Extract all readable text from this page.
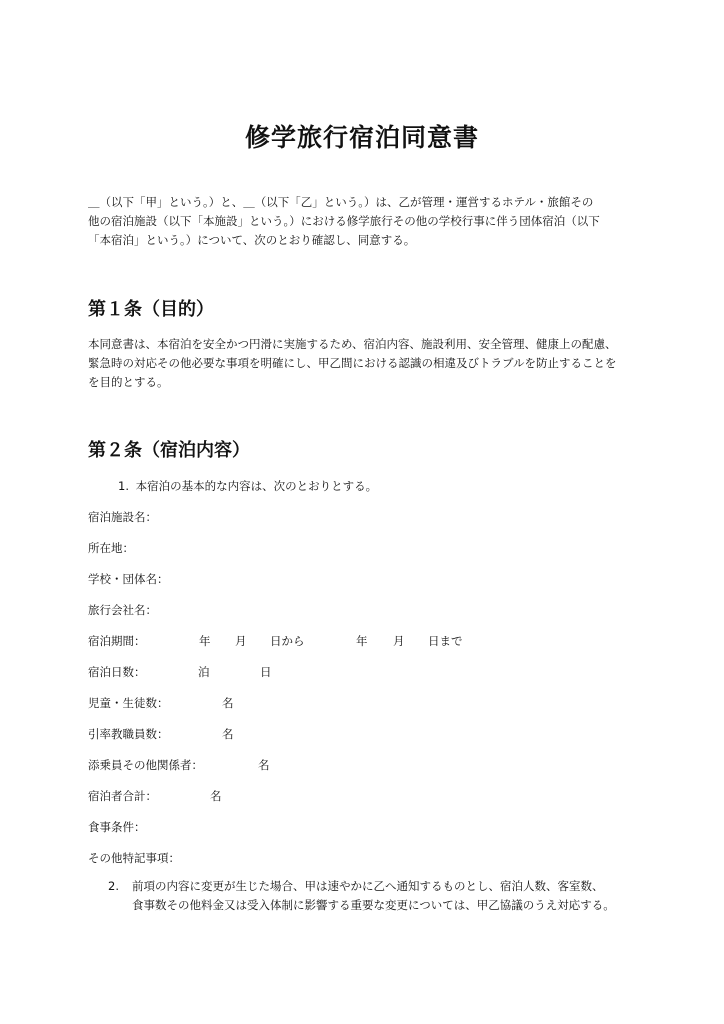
修学旅行宿泊同意書
＿（以下「甲」という。）と、＿（以下「乙」という。）は、乙が管理・運営するホテル・旅館その
他の宿泊施設（以下「本施設」という。）における修学旅行その他の学校行事に伴う団体宿泊（以下
「本宿泊」という。）について、次のとおり確認し、同意する。
第１条（目的）
本同意書は、本宿泊を安全かつ円滑に実施するため、宿泊内容、施設利用、安全管理、健康上の配慮、
緊急時の対応その他必要な事項を明確にし、甲乙間における認識の相違及びトラブルを防止することを
を目的とする。
第２条（宿泊内容）
1. 本宿泊の基本的な内容は、次のとおりとする。
宿泊施設名：
所在地：
学校・団体名：
旅行会社名：
宿泊期間：	年 月 日から	年 月 日まで
宿泊日数：	泊	日
児童・生徒数：	名
引率教職員数：	名
添乗員その他関係者：	名
宿泊者合計：	名
食事条件：
その他特記事項：
2.	前項の内容に変更が生じた場合、甲は速やかに乙へ通知するものとし、宿泊人数、客室数、
食事数その他料金又は受入体制に影響する重要な変更については、甲乙協議のうえ対応する。
